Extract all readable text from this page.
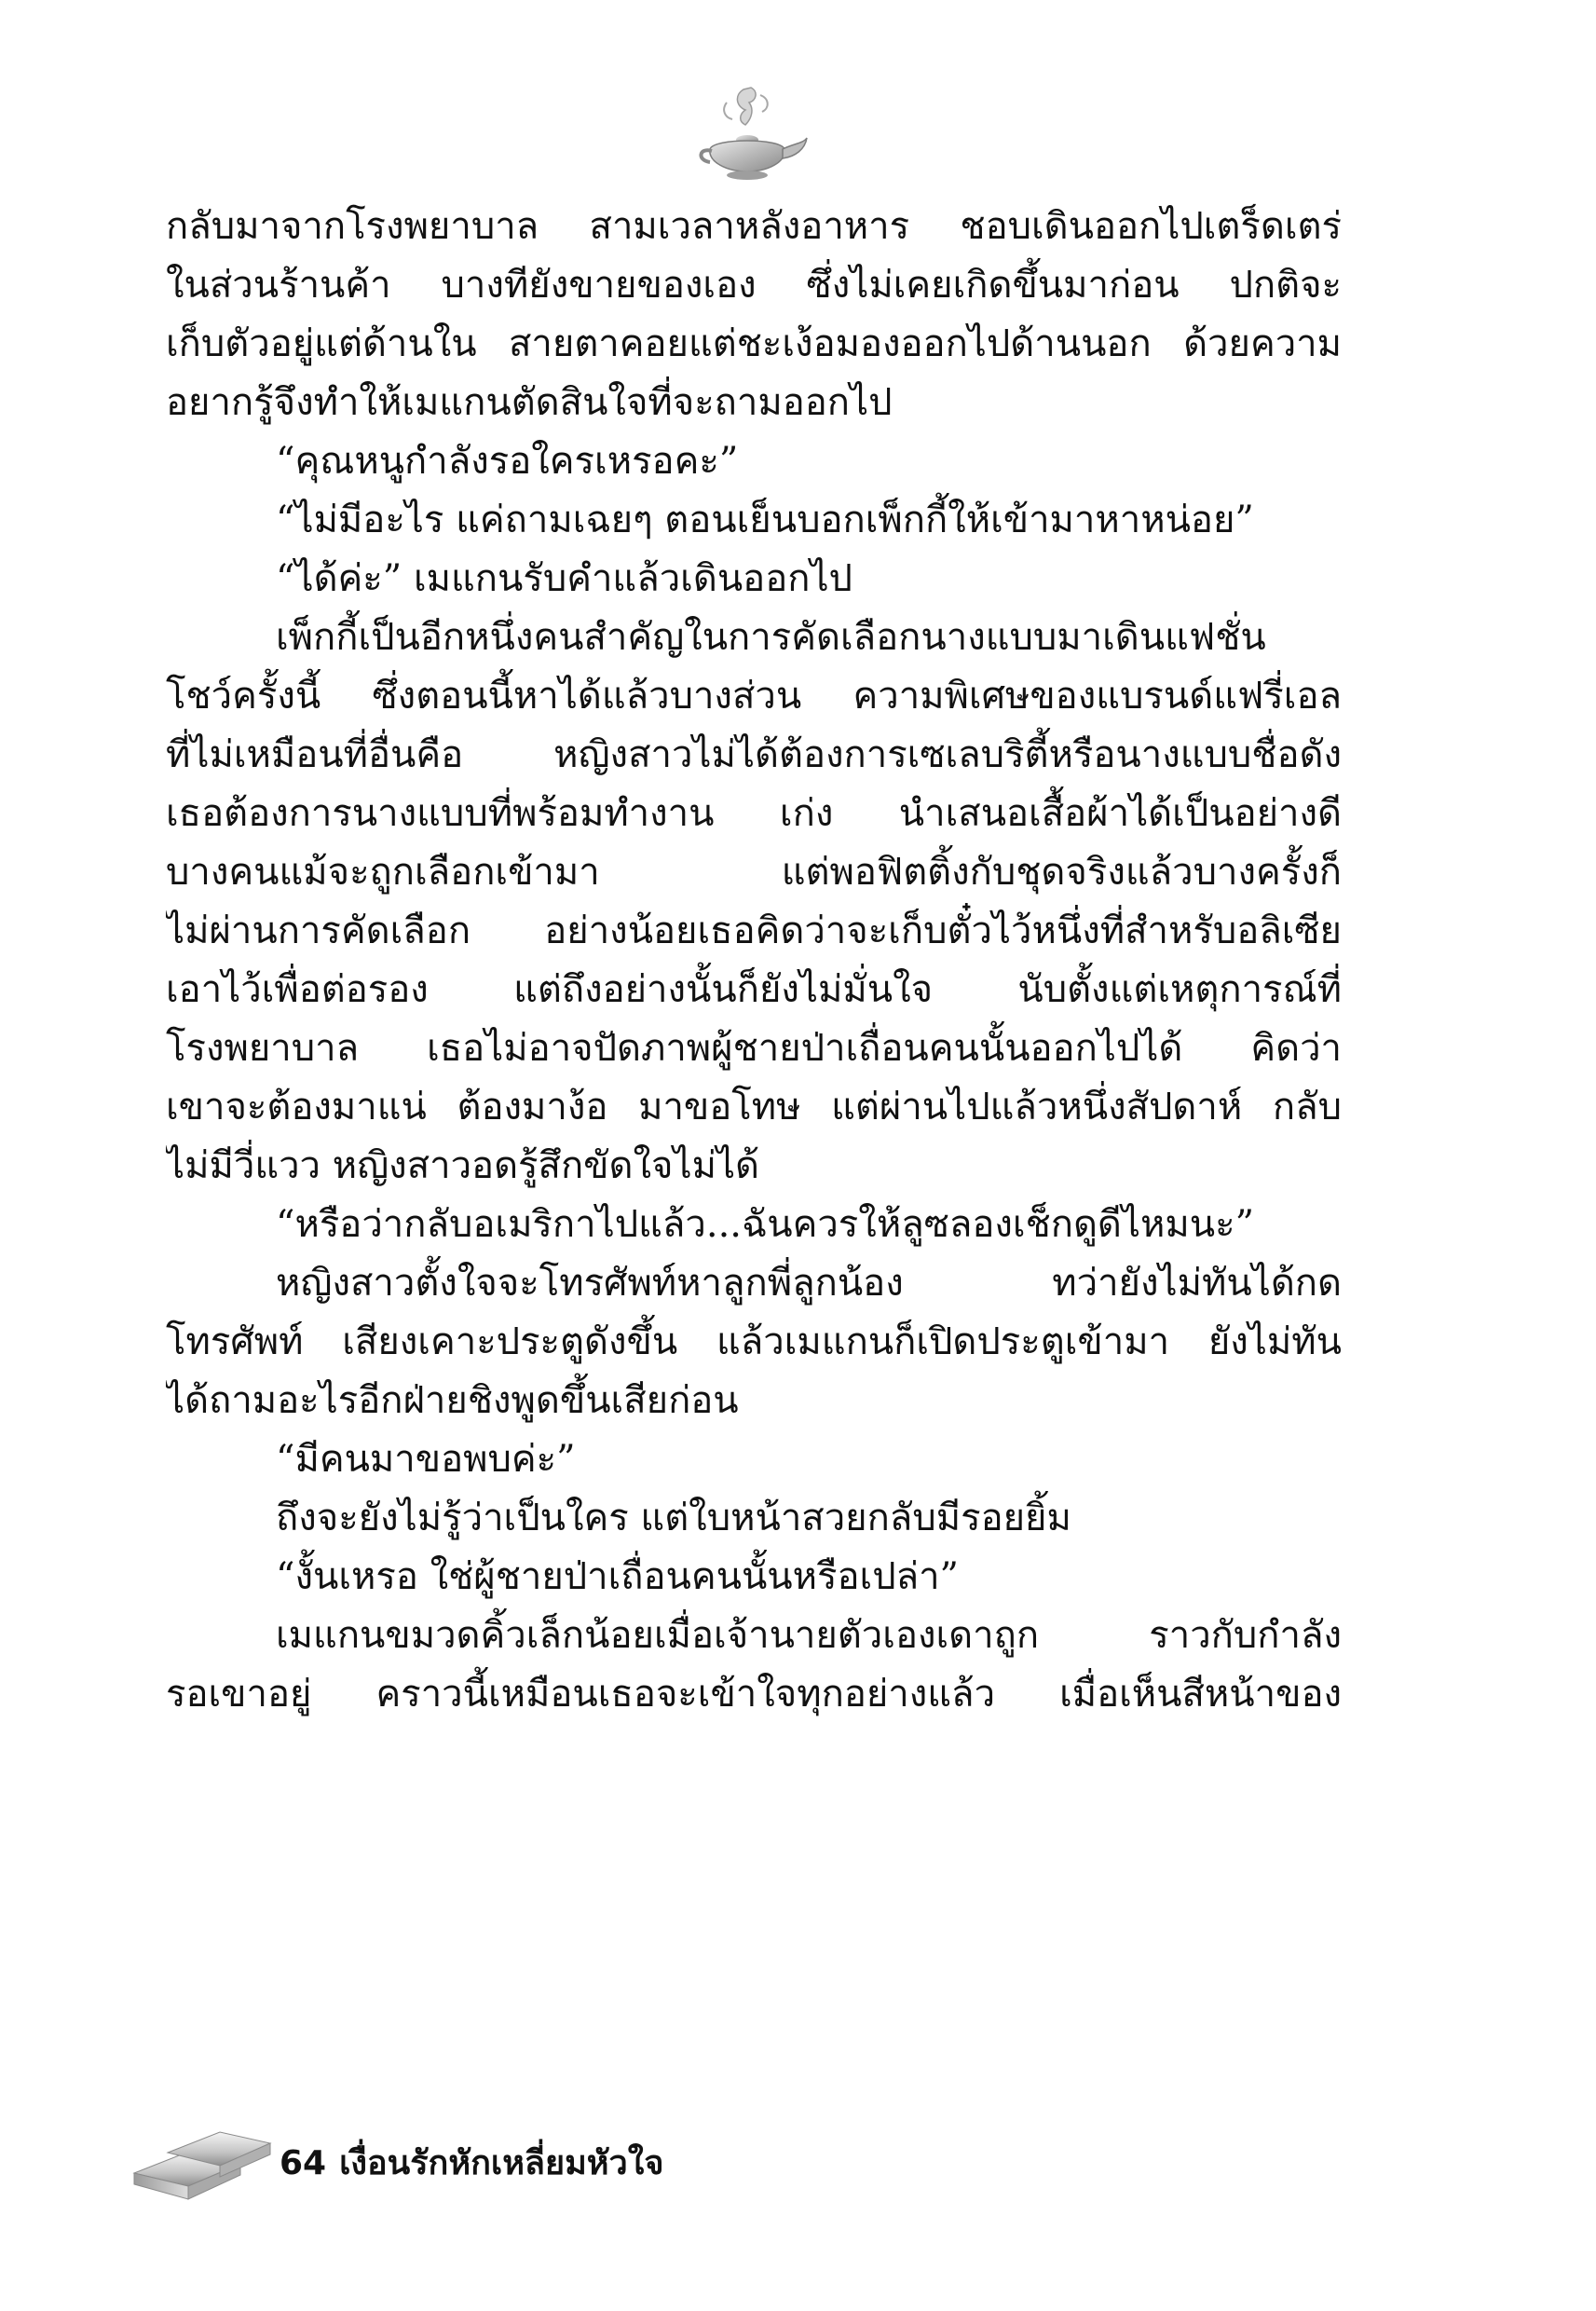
กลับมาจากโรงพยาบาล สามเวลาหลังอาหาร ชอบเดินออกไปเตร็ดเตร่
ในส่วนร้านค้า บางทียังขายของเอง ซึ่งไม่เคยเกิดขึ้นมาก่อน ปกติจะ
เก็บตัวอยู่แต่ด้านใน สายตาคอยแต่ชะเง้อมองออกไปด้านนอก ด้วยความ
อยากรู้จึงทำให้เมแกนตัดสินใจที่จะถามออกไป
“คุณหนูกำลังรอใครเหรอคะ”
“ไม่มีอะไร แค่ถามเฉยๆ ตอนเย็นบอกเพ็กกี้ให้เข้ามาหาหน่อย”
“ได้ค่ะ” เมแกนรับคำแล้วเดินออกไป
เพ็กกี้เป็นอีกหนึ่งคนสำคัญในการคัดเลือกนางแบบมาเดินแฟชั่น
โชว์ครั้งนี้ ซึ่งตอนนี้หาได้แล้วบางส่วน ความพิเศษของแบรนด์แฟรี่เอล
ที่ไม่เหมือนที่อื่นคือ หญิงสาวไม่ได้ต้องการเซเลบริตี้หรือนางแบบชื่อดัง
เธอต้องการนางแบบที่พร้อมทำงาน เก่ง นำเสนอเสื้อผ้าได้เป็นอย่างดี
บางคนแม้จะถูกเลือกเข้ามา แต่พอฟิตติ้งกับชุดจริงแล้วบางครั้งก็
ไม่ผ่านการคัดเลือก อย่างน้อยเธอคิดว่าจะเก็บตั๋วไว้หนึ่งที่สำหรับอลิเซีย
เอาไว้เพื่อต่อรอง แต่ถึงอย่างนั้นก็ยังไม่มั่นใจ นับตั้งแต่เหตุการณ์ที่
โรงพยาบาล เธอไม่อาจปัดภาพผู้ชายป่าเถื่อนคนนั้นออกไปได้ คิดว่า
เขาจะต้องมาแน่ ต้องมาง้อ มาขอโทษ แต่ผ่านไปแล้วหนึ่งสัปดาห์ กลับ
ไม่มีวี่แวว หญิงสาวอดรู้สึกขัดใจไม่ได้
“หรือว่ากลับอเมริกาไปแล้ว...ฉันควรให้ลูซลองเช็กดูดีไหมนะ”
หญิงสาวตั้งใจจะโทรศัพท์หาลูกพี่ลูกน้อง ทว่ายังไม่ทันได้กด
โทรศัพท์ เสียงเคาะประตูดังขึ้น แล้วเมแกนก็เปิดประตูเข้ามา ยังไม่ทัน
ได้ถามอะไรอีกฝ่ายชิงพูดขึ้นเสียก่อน
“มีคนมาขอพบค่ะ”
ถึงจะยังไม่รู้ว่าเป็นใคร แต่ใบหน้าสวยกลับมีรอยยิ้ม
“งั้นเหรอ ใช่ผู้ชายป่าเถื่อนคนนั้นหรือเปล่า”
เมแกนขมวดคิ้วเล็กน้อยเมื่อเจ้านายตัวเองเดาถูก ราวกับกำลัง
รอเขาอยู่ คราวนี้เหมือนเธอจะเข้าใจทุกอย่างแล้ว เมื่อเห็นสีหน้าของ
64 เงื่อนรักหักเหลี่ยมหัวใจ
